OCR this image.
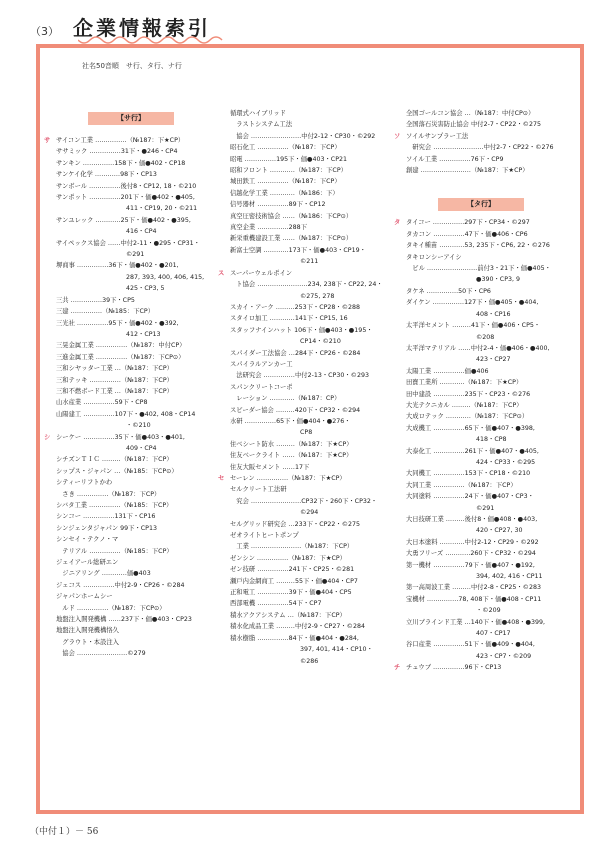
（3） 企業情報索引
社名50音順　サ行、タ行、ナ行
【サ行】
サ サイコン工業 ……………（№187：下★CP）
ササミック ……………31下・●246・CP4
サンキン ……………158下・価●402・CP18
サンケイ化学 …………98下・CP13
サンボール ……………後付8・CP12, 18・©210
サンポット ……………201下・価●402・●405,
411・CP19, 20・©211
サンユレック …………25下・価●402・●395,
416・CP4
サイペックス協会 ……中付2-11・●295・CP31・
©291
堺商事 ……………36下・価●402・●201,
287, 393, 400, 406, 415,
425・CP3, 5
三共 ……………39下・CP5
三建 ……………（№185：下CP）
三光社 ……………95下・価●402・●392,
412・CP13
三晃金属工業 ……………（№187：中付CP）
三進金属工業 ……………（№187：下CP⊙）
三和シヤッター工業 …（№187：下CP）
三和テッキ ……………（№187：下CP）
三和不燃ボード工業 …（№187：下CP）
山水産業 ……………59下・CP8
山陽建工 ……………107下・●402, 408・CP14
・©210
シ シーケー ……………35下・価●403・●401,
409・CP4
シチズンＴＩＣ ………（№187：下CP）
シップス・ジャパン …（№185：下CP⊙）
シティーリフトかわ
　さき ……………（№187：下CP）
シバタ工業 ……………（№185：下CP）
シンコー ……………131下・CP16
シンジェンタジャパン 99下・CP13
シンセイ・テクノ・マ
　テリアル ……………（№185：下CP）
ジェイアール総研エン
　ジニアリング …………価●403
ジェコス ……………中付2-9・CP26・©284
ジャパンホームシー
　ルド ……………（№187：下CP⊙）
地盤注入開発機構 ……237下・価●403・CP23
地盤注入開発機構恪久
　グラウト・本設注入
　協会 ……………………©279
循環式ハイブリッド
　ラストシステム工法
　協会 ……………………中付2-12・CP30・©292
昭石化工 ……………（№187：下CP）
昭電 ……………195下・価●403・CP21
昭和フロント …………（№187：下CP）
城田鉄工 ……………（№187：下CP）
信越化学工業 …………（№186：下）
信号器材 ……………89下・CP12
真空圧密技術協会 ……（№186：下CP⊙）
真空企業 ……………288下
新栄重機建設工業 ……（№187：下CP⊙）
新富士空調 …………173下・価●403・CP19・
©211
ス スーパーウェルポイン
　ト協会 ……………………234, 238下・CP22, 24・
©275, 278
スカイ・アーク ………253下・CP28・©288
スタイロ加工 …………141下・CP15, 16
スタッフナインハット 106下・価●403・●195・
CP14・©210
スパイダー工法協会 …284下・CP26・©284
スパイラルアンカー工
　法研究会 ……………中付2-13・CP30・©293
スパンクリートコーポ
　レーション …………（№187：CP）
スピーダー協会 ………420下・CP32・©294
水研 ……………65下・価●404・●276・
CP8
住ベシート防水 ………（№187：下★CP）
住友ベークライト ……（№187：下★CP）
住友大阪セメント ……17下
セ セーレン ……………（№187：下★CP）
セルクリート工法研
　究会 ……………………CP32下・260下・CP32・
©294
セルグリッド研究会 …233下・CP22・©275
ゼオライトヒートポンプ
　工業 ……………………（№187：下CP）
ゼンシン ……………（№187：下★CP）
ゼン技研 ……………241下・CP25・©281
瀬戸内金網商工 ………55下・価●404・CP7
正和電工 ……………39下・価●404・CP5
西部電機 ……………54下・CP7
積水アクアシステム …（№187：下CP）
積水化成品工業 ………中付2-9・CP27・©284
積水樹脂 ……………84下・価●404・●284,
397, 401, 414・CP10・
©286
全国ゴールコン協会 …（№187：中付CP⊙）
全国落石災害防止協会 中付2-7・CP22・©275
ソ ソイルサンプラー工法
　研究会 ……………………中付2-7・CP22・©276
ソイル工業 ……………76下・CP9
創建 ……………………（№187：下★CP）
【タ行】
タ タイコー ……………297下・CP34・©297
タカコン ……………47下・価●406・CP6
タキイ種苗 …………53, 235下・CP6, 22・©276
タキロンシーアイシ
　ビル ……………………前付3・21下・価●405・
●390・CP3, 9
タケネ ……………50下・CP6
ダイケン ……………127下・価●405・●404,
408・CP16
太平洋セメント ………41下・価●406・CP5・
©208
太平洋マテリアル ……中付2-4・価●406・●400,
423・CP27
太陽工業 ……………価●406
田寶工業所 …………（№187：下★CP）
田中建設 ……………235下・CP23・©276
大光テクニカル ………（№187：下CP）
大成ロテック …………（№187：下CP⊙）
大成機工 ……………65下・価●407・●398,
418・CP8
大泰化工 ……………261下・価●407・●405,
424・CP33・©295
大同機工 ……………153下・CP18・©210
大同工業 ……………（№187：下CP）
大同塗料 ……………24下・価●407・CP3・
©291
大日技研工業 ………後付8・価●408・●403,
420・CP27, 30
大日本塗料 …………中付2-12・CP29・©292
大勇フリーズ …………260下・CP32・©294
第一機材 ……………79下・価●407・●192,
394, 402, 416・CP11
第一高周波工業 ………中付2-8・CP25・©283
宝機材 ……………78, 408下・価●408・CP11
・©209
立川ブラインド工業 …140下・価●408・●399,
407・CP17
谷口産業 ……………51下・価●409・●404,
423・CP7・©209
チ チュウブ ……………96下・CP13
（中付１）－ 56
